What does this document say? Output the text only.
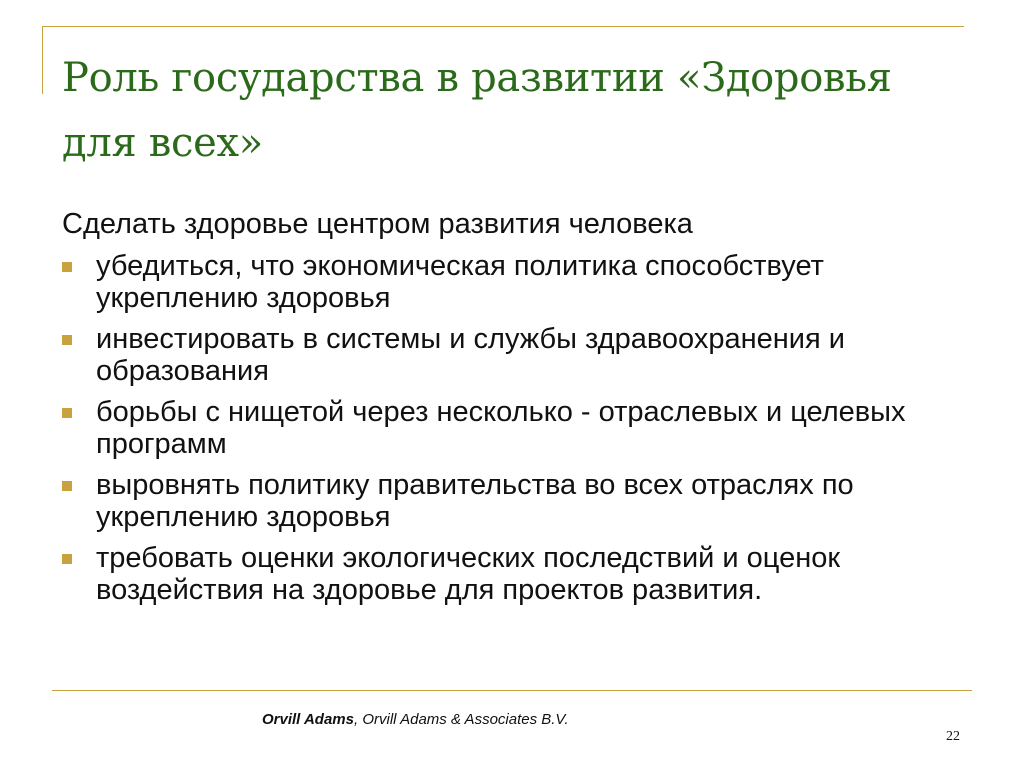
Роль государства в развитии «Здоровья для всех»

Сделать здоровье центром развития человека

убедиться, что экономическая политика способствует укреплению здоровья
инвестировать в системы и службы здравоохранения и образования
борьбы с нищетой через несколько - отраслевых и целевых программ
выровнять политику правительства во всех отраслях по укреплению здоровья
требовать оценки экологических последствий и оценок воздействия на здоровье для проектов развития.
Orvill Adams, Orvill Adams & Associates B.V.
22
